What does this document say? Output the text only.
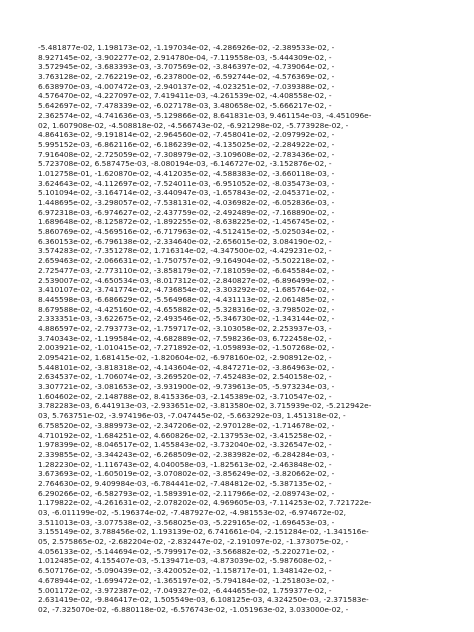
-5.481877e-02, 1.198173e-02, -1.197034e-02, -4.286926e-02, -2.389533e-02, -
8.927145e-02, -3.902277e-02, 2.914780e-04, -7.119558e-03, -5.444309e-02, -
3.572945e-02, -3.683393e-03, -3.707569e-02, -3.846397e-02, -4.739064e-02, -
3.763128e-02, -2.762219e-02, -6.237800e-02, -6.592744e-02, -4.576369e-02, -
6.638970e-03, -4.007472e-03, -2.940137e-02, -4.023251e-02, -7.039388e-02, -
4.576470e-02, -4.227097e-02, 7.419411e-03, -4.261539e-02, -4.408558e-02, -
5.642697e-02, -7.478339e-02, -6.027178e-03, 3.480658e-02, -5.666217e-02, -
2.362574e-02, -4.741636e-03, -5.129866e-02, 8.641831e-03, 9.461154e-03, -4.451096e-
02, 1.607908e-02, -4.508818e-02, -4.566743e-02, -6.921298e-02, -5.773928e-02, -
4.864163e-02, -9.191814e-02, -2.964560e-02, -7.458041e-02, -2.097992e-02, -
5.995152e-03, -6.862116e-02, -6.186239e-02, -4.135025e-02, -2.284922e-02, -
7.916408e-02, -2.725059e-02, -7.308979e-02, -3.109608e-02, -2.783436e-02, -
5.723708e-02, 6.587475e-03, -8.080194e-03, -6.146727e-02, -3.152876e-02, -
1.012758e-01, -1.620870e-02, -4.412035e-02, -4.588383e-02, -3.660118e-03, -
3.624643e-02, -4.112697e-02, -7.524011e-03, -6.951052e-02, -8.035473e-03, -
5.101094e-02, -3.164714e-02, -3.440947e-03, -1.657843e-02, -2.045371e-02, -
1.448695e-02, -3.298057e-02, -7.538131e-02, -4.036982e-02, -6.052836e-03, -
6.972318e-03, -6.974627e-02, -2.437759e-02, -2.492489e-02, -7.168890e-02, -
1.689648e-02, -8.125872e-02, -1.892255e-02, -8.638225e-02, -1.456745e-02, -
5.860769e-02, -4.569516e-02, -6.717963e-02, -4.512415e-02, -5.025034e-02, -
6.360153e-02, -6.796138e-02, -2.334640e-02, -2.656015e-02, 3.084190e-02, -
3.574283e-02, -7.351278e-02, 1.716314e-02, -4.347500e-02, -4.429231e-02, -
2.659463e-02, -2.066631e-02, -1.750757e-02, -9.164904e-02, -5.502218e-02, -
2.725477e-03, -2.773110e-02, -3.858179e-02, -7.181059e-02, -6.645584e-02, -
2.539007e-02, -4.650534e-03, -8.017312e-02, -2.840827e-02, -6.896499e-02, -
3.410107e-02, -3.741774e-02, -4.736854e-02, -3.303292e-02, -1.685764e-02, -
8.445598e-03, -6.686629e-02, -5.564968e-02, -4.431113e-02, -2.061485e-02, -
8.679588e-02, -4.425160e-02, -4.655882e-02, -5.328316e-02, -3.798502e-02, -
2.333351e-03, -3.622675e-02, -2.493546e-02, -5.346730e-02, -1.343144e-02, -
4.886597e-02, -2.793773e-02, -1.759717e-02, -3.103058e-02, 2.253937e-03, -
3.740343e-02, -1.199584e-02, -4.682889e-02, -7.598236e-03, 6.722458e-02, -
2.003921e-02, -1.010415e-02, -7.271892e-02, -1.059893e-02, -1.507268e-02, -
2.095421e-02, 1.681415e-02, -1.820604e-02, -6.978160e-02, -2.908912e-02, -
5.448101e-02, -3.818318e-02, -4.143604e-02, -4.847271e-02, -3.864963e-02, -
2.634537e-02, -1.706074e-02, -3.269520e-02, -7.452483e-02, 2.540158e-02, -
3.307721e-02, -3.081653e-02, -3.931900e-02, -9.739613e-05, -5.973234e-03, -
1.604602e-02, -2.148788e-02, 8.415336e-03, -2.145389e-02, -3.710547e-02, -
3.782283e-03, 6.441913e-03, -2.933651e-02, -3.813580e-02, 3.715939e-02, -5.212942e-
03, 5.763751e-02, -3.974196e-03, -7.047445e-02, -5.663292e-03, 1.451318e-02, -
6.758520e-02, -3.889973e-02, -2.347206e-02, -2.970128e-02, -1.714678e-02, -
4.710192e-02, -1.684251e-02, 4.660826e-02, -2.137953e-02, -3.415258e-02, -
1.978399e-02, -8.046517e-02, 1.455843e-02, -3.732040e-02, -3.326547e-02, -
2.339855e-02, -3.344243e-02, -6.268509e-02, -2.383982e-02, -6.284284e-03, -
1.282230e-02, -1.116743e-02, 4.040058e-03, -1.825613e-02, -2.463848e-02, -
3.673693e-02, -1.605019e-02, -3.070802e-02, -3.856249e-02, -3.820662e-02, -
2.764630e-02, 9.409984e-03, -6.784441e-02, -7.484812e-02, -5.387135e-02, -
6.290266e-02, -6.582793e-02, -1.589391e-02, -2.117966e-02, -2.089743e-02, -
1.179822e-02, -4.261631e-02, -2.078202e-02, 4.969605e-03, -7.114253e-02, 7.721722e-
03, -6.011199e-02, -5.196374e-02, -7.487927e-02, -4.981553e-02, -6.974672e-02,
3.511013e-03, -3.077538e-02, -3.568025e-03, -5.229165e-02, -1.696453e-03, -
3.155149e-02, 3.788456e-02, 1.193139e-02, 6.741661e-04, -2.151284e-02, -1.341516e-
05, 2.575865e-02, -2.682204e-02, -2.832447e-02, -2.191097e-02, -1.373075e-02, -
4.056133e-02, -5.144694e-02, -5.799917e-02, -3.566882e-02, -5.220271e-02, -
1.012485e-02, 4.155407e-03, -5.139471e-03, -4.873039e-02, -5.987608e-02, -
6.507176e-02, -5.090439e-02, -3.420052e-02, -1.158717e-01, 1.348142e-02, -
4.678944e-02, -1.699472e-02, -1.365197e-02, -5.794184e-02, -1.251803e-02, -
5.001172e-02, -3.972387e-02, -7.049327e-02, -6.444655e-02, 1.759377e-02, -
2.631419e-02, -9.846417e-02, 1.505549e-03, 6.108125e-03, 4.324250e-03, -2.371583e-
02, -7.325070e-02, -6.880118e-02, -6.576743e-02, -1.051963e-02, 3.033000e-02, -
